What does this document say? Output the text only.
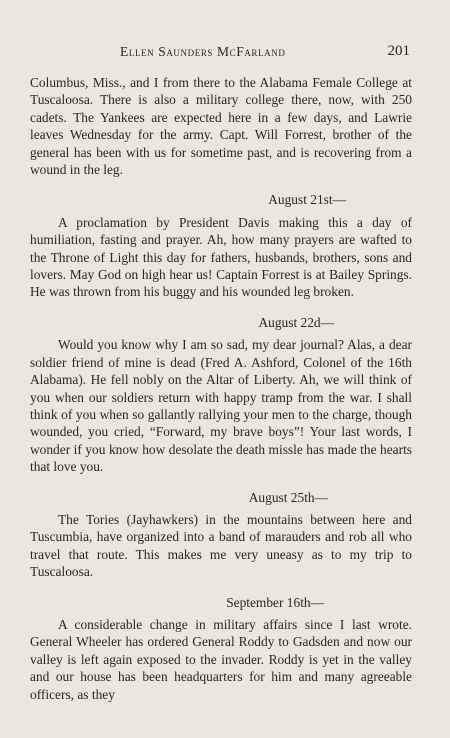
Ellen Saunders McFarland	201

Columbus, Miss., and I from there to the Alabama Female College at Tuscaloosa. There is also a military college there, now, with 250 cadets. The Yankees are expected here in a few days, and Lawrie leaves Wednesday for the army. Capt. Will Forrest, brother of the general has been with us for sometime past, and is recovering from a wound in the leg.

August 21st—

A proclamation by President Davis making this a day of humiliation, fasting and prayer. Ah, how many prayers are wafted to the Throne of Light this day for fathers, husbands, brothers, sons and lovers. May God on high hear us! Captain Forrest is at Bailey Springs. He was thrown from his buggy and his wounded leg broken.

August 22d—

Would you know why I am so sad, my dear journal? Alas, a dear soldier friend of mine is dead (Fred A. Ashford, Colonel of the 16th Alabama). He fell nobly on the Altar of Liberty. Ah, we will think of you when our soldiers return with happy tramp from the war. I shall think of you when so gallantly rallying your men to the charge, though wounded, you cried, “Forward, my brave boys”! Your last words, I wonder if you know how desolate the death missle has made the hearts that love you.

August 25th—

The Tories (Jayhawkers) in the mountains between here and Tuscumbia, have organized into a band of marauders and rob all who travel that route. This makes me very uneasy as to my trip to Tuscaloosa.

September 16th—

A considerable change in military affairs since I last wrote. General Wheeler has ordered General Roddy to Gadsden and now our valley is left again exposed to the invader. Roddy is yet in the valley and our house has been headquarters for him and many agreeable officers, as they
